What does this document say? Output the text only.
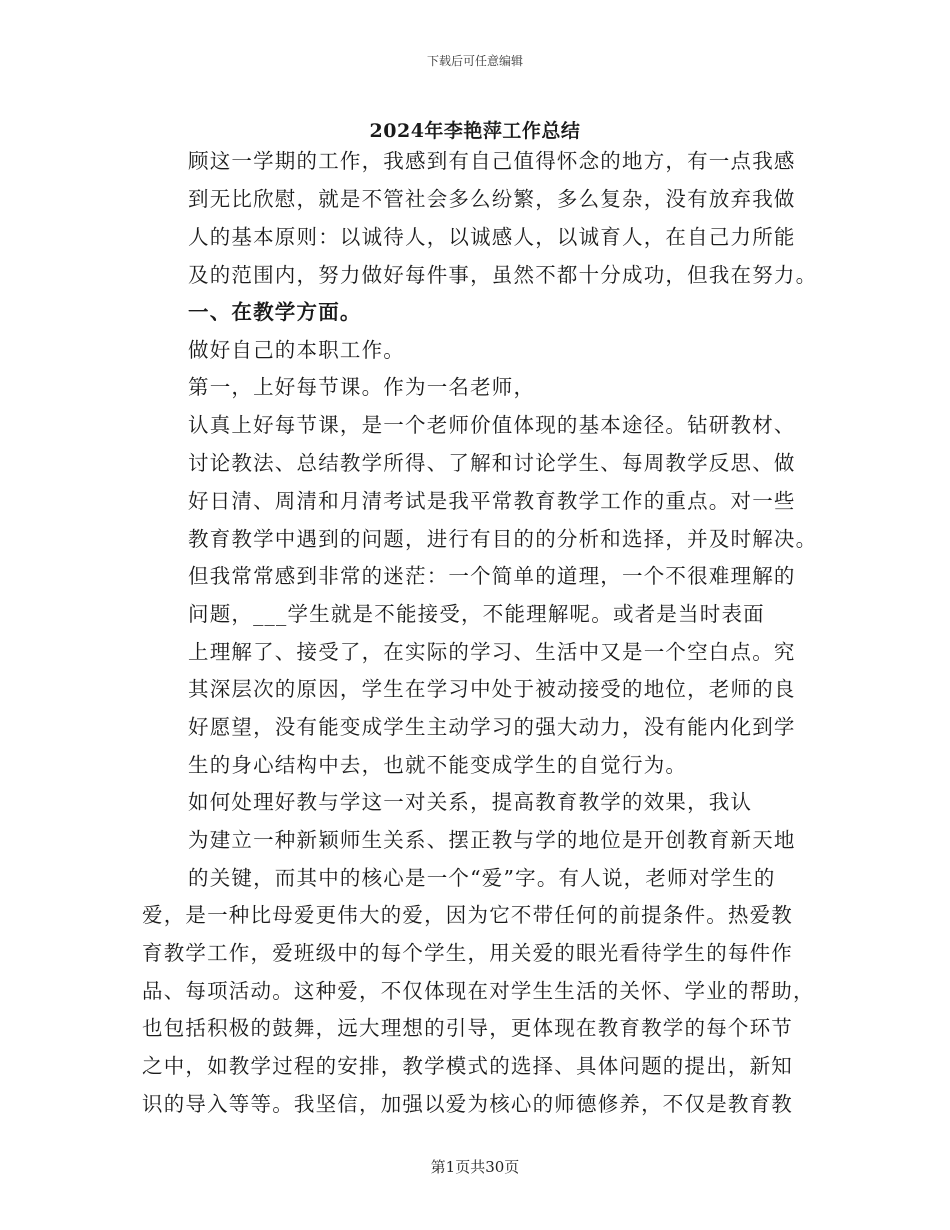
下载后可任意编辑
2024年李艳萍工作总结
顾这一学期的工作，我感到有自己值得怀念的地方，有一点我感
到无比欣慰，就是不管社会多么纷繁，多么复杂，没有放弃我做
人的基本原则：以诚待人，以诚感人，以诚育人，在自己力所能
及的范围内，努力做好每件事，虽然不都十分成功，但我在努力。
一、在教学方面。
做好自己的本职工作。
第一，上好每节课。作为一名老师，
认真上好每节课，是一个老师价值体现的基本途径。钻研教材、
讨论教法、总结教学所得、了解和讨论学生、每周教学反思、做
好日清、周清和月清考试是我平常教育教学工作的重点。对一些
教育教学中遇到的问题，进行有目的的分析和选择，并及时解决。
但我常常感到非常的迷茫：一个简单的道理，一个不很难理解的
问题，___学生就是不能接受，不能理解呢。或者是当时表面
上理解了、接受了，在实际的学习、生活中又是一个空白点。究
其深层次的原因，学生在学习中处于被动接受的地位，老师的良
好愿望，没有能变成学生主动学习的强大动力，没有能内化到学
生的身心结构中去，也就不能变成学生的自觉行为。
如何处理好教与学这一对关系，提高教育教学的效果，我认
为建立一种新颖师生关系、摆正教与学的地位是开创教育新天地
的关键，而其中的核心是一个“爱”字。有人说，老师对学生的
爱，是一种比母爱更伟大的爱，因为它不带任何的前提条件。热爱教
育教学工作，爱班级中的每个学生，用关爱的眼光看待学生的每件作
品、每项活动。这种爱，不仅体现在对学生生活的关怀、学业的帮助，
也包括积极的鼓舞，远大理想的引导，更体现在教育教学的每个环节
之中，如教学过程的安排，教学模式的选择、具体问题的提出，新知
识的导入等等。我坚信，加强以爱为核心的师德修养，不仅是教育教
第1页共30页
